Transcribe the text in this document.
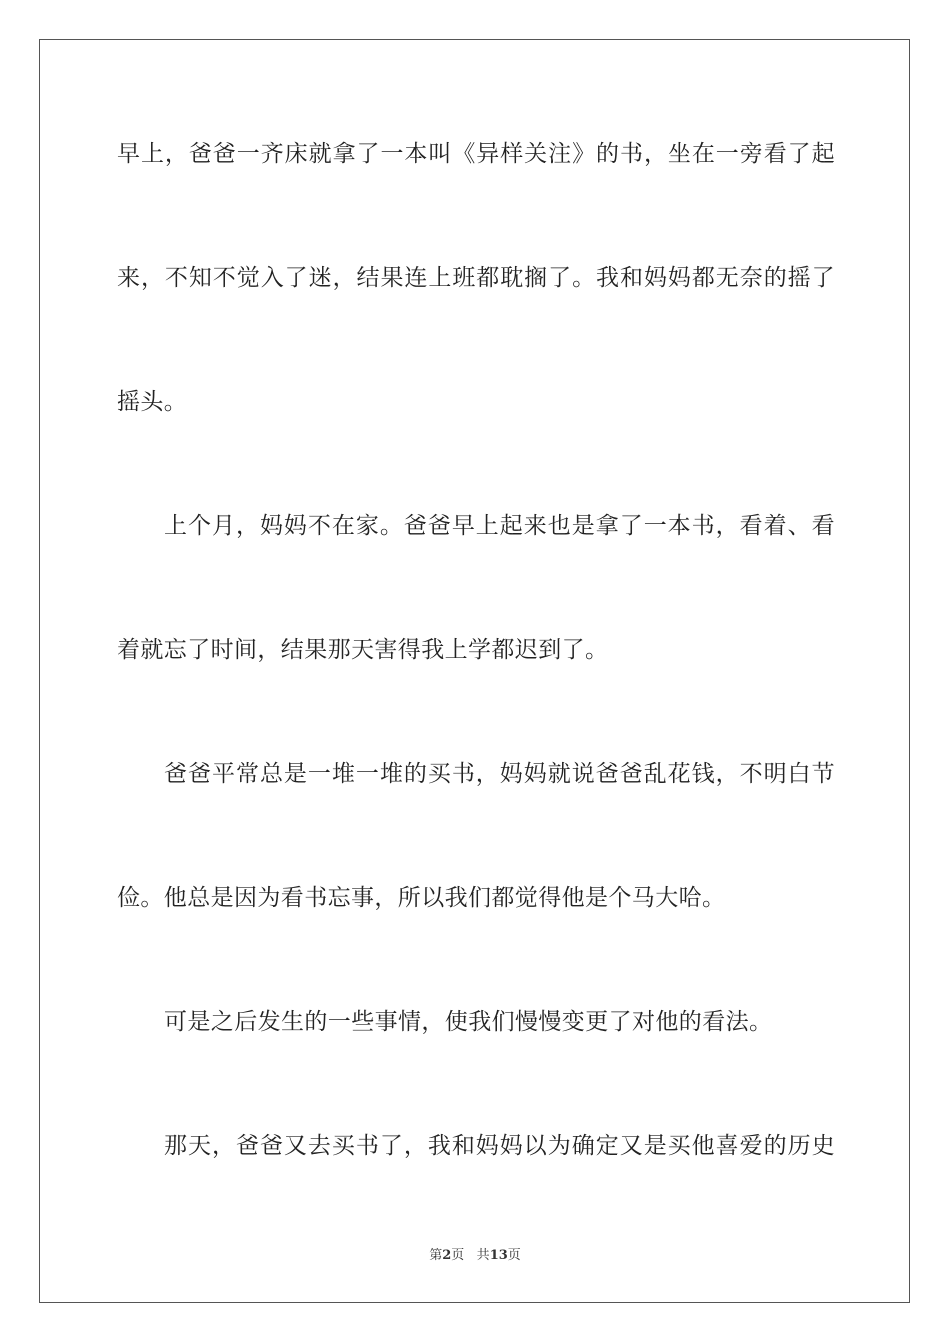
早上，爸爸一齐床就拿了一本叫《异样关注》的书，坐在一旁看了起
来，不知不觉入了迷，结果连上班都耽搁了。我和妈妈都无奈的摇了
摇头。
上个月，妈妈不在家。爸爸早上起来也是拿了一本书，看着、看
着就忘了时间，结果那天害得我上学都迟到了。
爸爸平常总是一堆一堆的买书，妈妈就说爸爸乱花钱，不明白节
俭。他总是因为看书忘事，所以我们都觉得他是个马大哈。
可是之后发生的一些事情，使我们慢慢变更了对他的看法。
那天，爸爸又去买书了，我和妈妈以为确定又是买他喜爱的历史
第2页 共13页
